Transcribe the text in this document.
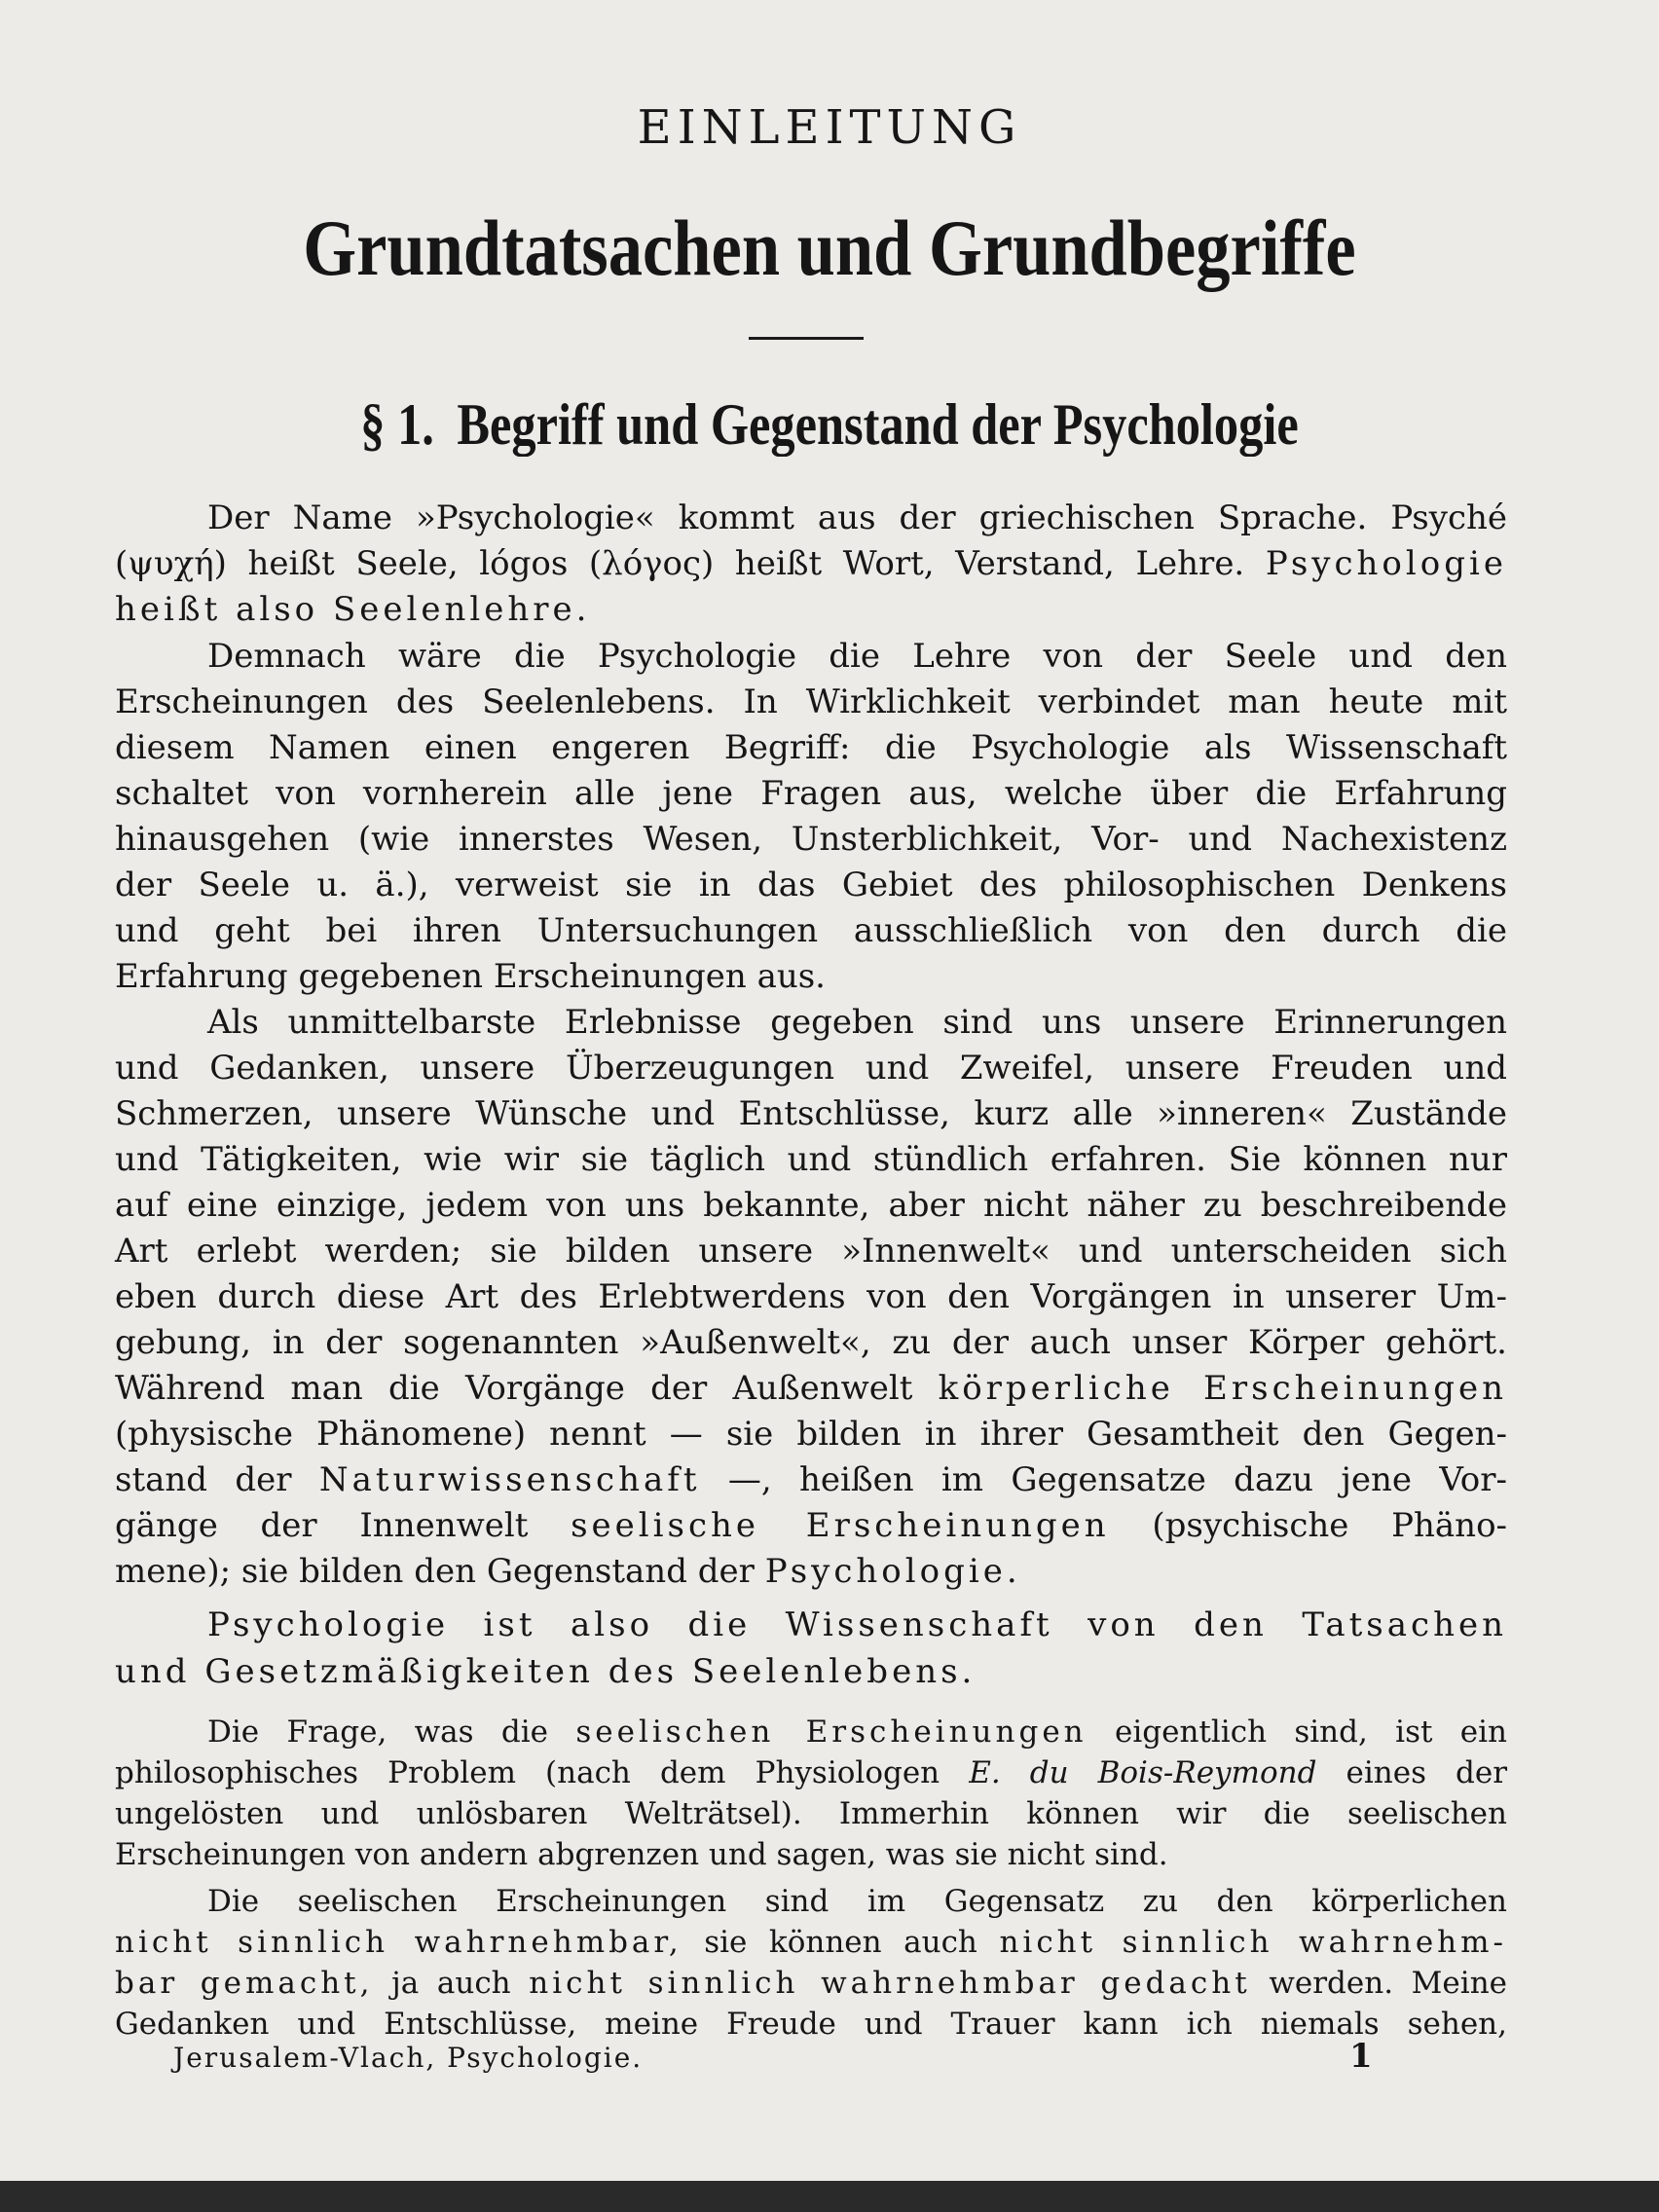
EINLEITUNG
Grundtatsachen und Grundbegriffe
§ 1. Begriff und Gegenstand der Psychologie
Der Name »Psychologie« kommt aus der griechischen Sprache. Psyché
(ψυχή) heißt Seele, lógos (λόγος) heißt Wort, Verstand, Lehre. Psychologie
heißt also Seelenlehre.
Demnach wäre die Psychologie die Lehre von der Seele und den
Erscheinungen des Seelenlebens. In Wirklichkeit verbindet man heute mit
diesem Namen einen engeren Begriff: die Psychologie als Wissenschaft
schaltet von vornherein alle jene Fragen aus, welche über die Erfahrung
hinausgehen (wie innerstes Wesen, Unsterblichkeit, Vor- und Nachexistenz
der Seele u. ä.), verweist sie in das Gebiet des philosophischen Denkens
und geht bei ihren Untersuchungen ausschließlich von den durch die
Erfahrung gegebenen Erscheinungen aus.
Als unmittelbarste Erlebnisse gegeben sind uns unsere Erinnerungen
und Gedanken, unsere Überzeugungen und Zweifel, unsere Freuden und
Schmerzen, unsere Wünsche und Entschlüsse, kurz alle »inneren« Zustände
und Tätigkeiten, wie wir sie täglich und stündlich erfahren. Sie können nur
auf eine einzige, jedem von uns bekannte, aber nicht näher zu beschreibende
Art erlebt werden; sie bilden unsere »Innenwelt« und unterscheiden sich
eben durch diese Art des Erlebtwerdens von den Vorgängen in unserer Um-
gebung, in der sogenannten »Außenwelt«, zu der auch unser Körper gehört.
Während man die Vorgänge der Außenwelt körperliche Erscheinungen
(physische Phänomene) nennt — sie bilden in ihrer Gesamtheit den Gegen-
stand der Naturwissenschaft —, heißen im Gegensatze dazu jene Vor-
gänge der Innenwelt seelische Erscheinungen (psychische Phäno-
mene); sie bilden den Gegenstand der Psychologie.
Psychologie ist also die Wissenschaft von den Tatsachen
und Gesetzmäßigkeiten des Seelenlebens.
Die Frage, was die seelischen Erscheinungen eigentlich sind, ist ein
philosophisches Problem (nach dem Physiologen E. du Bois-Reymond eines der
ungelösten und unlösbaren Welträtsel). Immerhin können wir die seelischen
Erscheinungen von andern abgrenzen und sagen, was sie nicht sind.
Die seelischen Erscheinungen sind im Gegensatz zu den körperlichen
nicht sinnlich wahrnehmbar, sie können auch nicht sinnlich wahrnehm-
bar gemacht, ja auch nicht sinnlich wahrnehmbar gedacht werden. Meine
Gedanken und Entschlüsse, meine Freude und Trauer kann ich niemals sehen,

Jerusalem-Vlach, Psychologie.	1
